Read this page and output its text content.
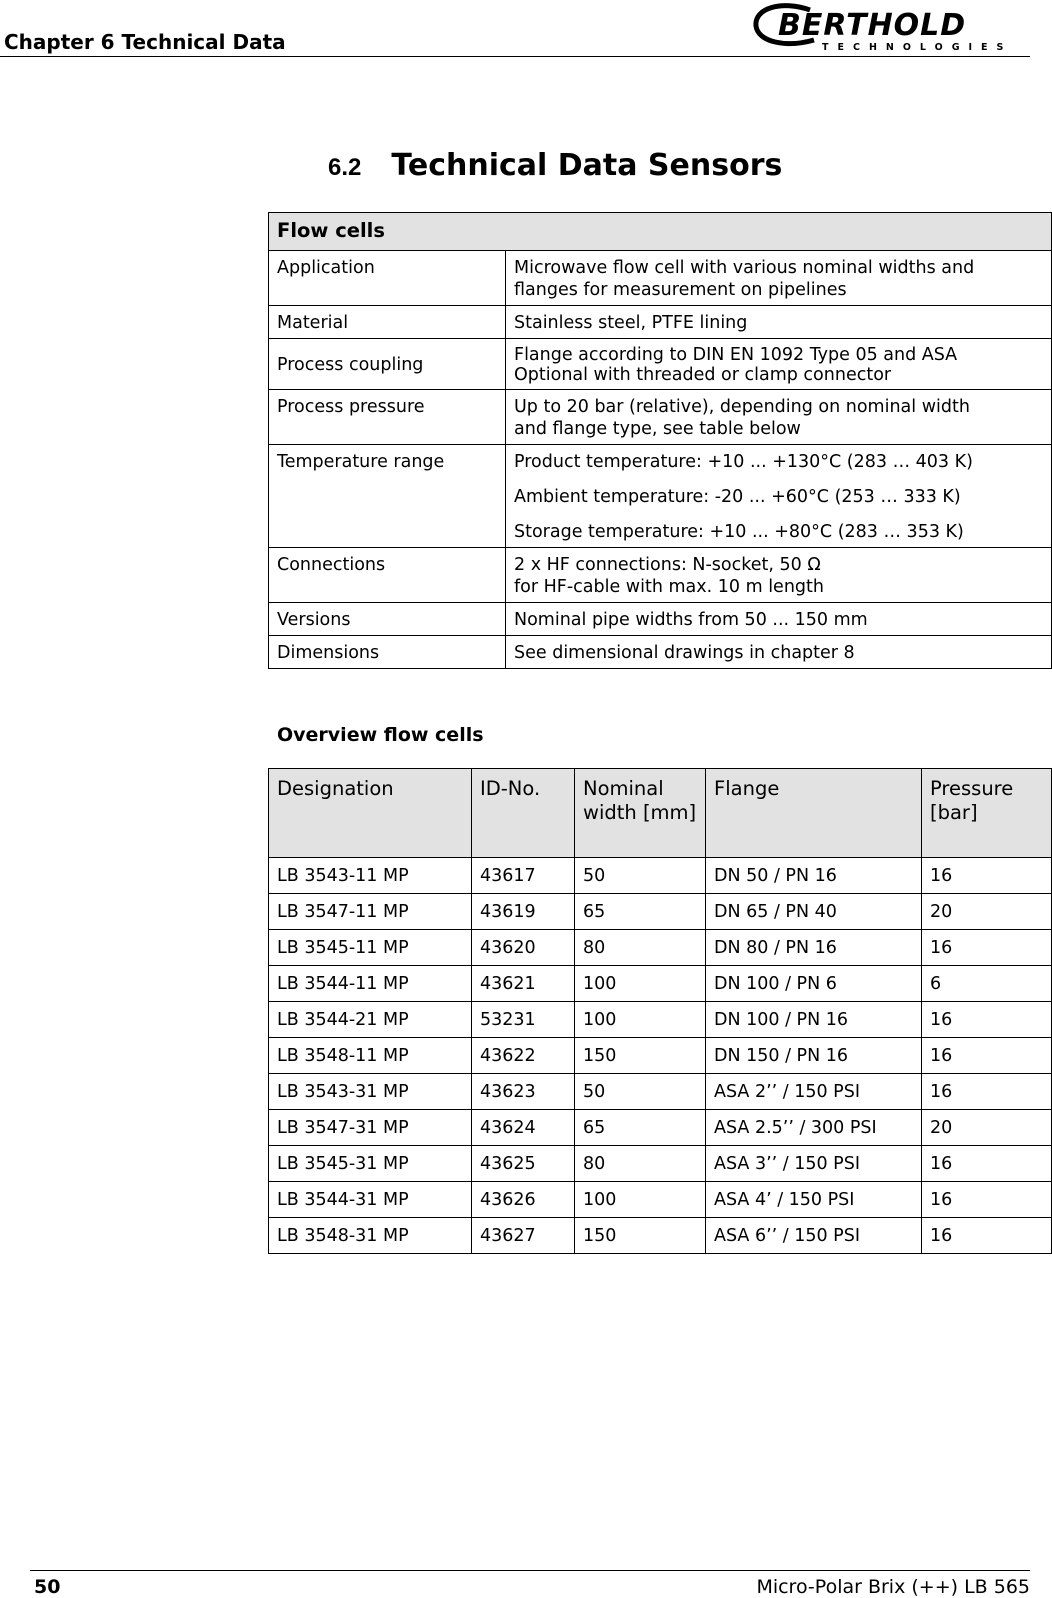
Chapter 6 Technical Data	BERTHOLD
TECHNOLOGIES
6.2 Technical Data Sensors
Flow cells	
Application	Microwave flow cell with various nominal widths and
flanges for measurement on pipelines

Material	Stainless steel, PTFE lining

Process coupling	Flange according to DIN EN 1092 Type 05 and ASA
Optional with threaded or clamp connector

Process pressure	Up to 20 bar (relative), depending on nominal width
and flange type, see table below

Temperature range	Product temperature: +10 ... +130°C (283 … 403 K)
Ambient temperature: -20 ... +60°C (253 … 333 K)
Storage temperature: +10 ... +80°C (283 … 353 K)

Connections	2 x HF connections: N-socket, 50 Ω
for HF-cable with max. 10 m length

Versions	Nominal pipe widths from 50 ... 150 mm

Dimensions	See dimensional drawings in chapter 8
Overview flow cells
Designation	ID-No.	Nominal width [mm]	Flange	Pressure [bar]
LB 3543-11 MP	43617	50	DN 50 / PN 16	16
LB 3547-11 MP	43619	65	DN 65 / PN 40	20
LB 3545-11 MP	43620	80	DN 80 / PN 16	16
LB 3544-11 MP	43621	100	DN 100 / PN 6	6
LB 3544-21 MP	53231	100	DN 100 / PN 16	16
LB 3548-11 MP	43622	150	DN 150 / PN 16	16
LB 3543-31 MP	43623	50	ASA 2’’ / 150 PSI	16
LB 3547-31 MP	43624	65	ASA 2.5’’ / 300 PSI	20
LB 3545-31 MP	43625	80	ASA 3’’ / 150 PSI	16
LB 3544-31 MP	43626	100	ASA 4’ / 150 PSI	16
LB 3548-31 MP	43627	150	ASA 6’’ / 150 PSI	16
50	Micro-Polar Brix (++) LB 565
